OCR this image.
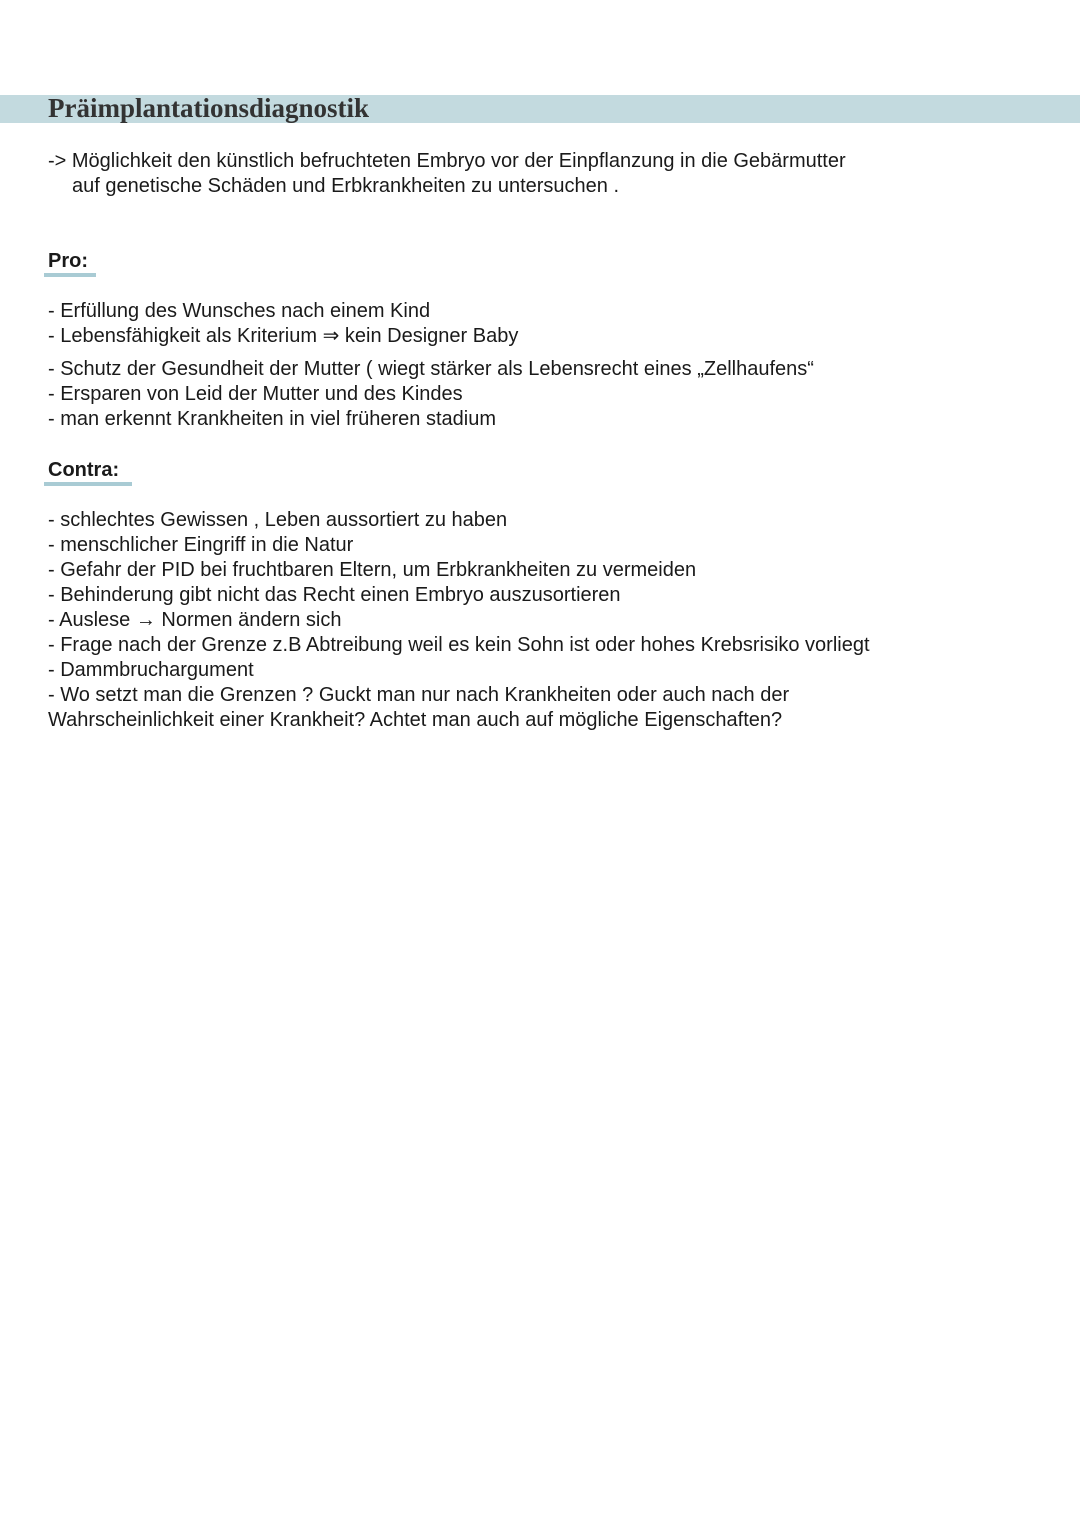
Präimplantationsdiagnostik

-> Möglichkeit den künstlich befruchteten Embryo vor der Einpflanzung in die Gebärmutter
auf genetische Schäden und Erbkrankheiten zu untersuchen .

Pro:
- Erfüllung des Wunsches nach einem Kind
- Lebensfähigkeit als Kriterium ⇒ kein Designer Baby
- Schutz der Gesundheit der Mutter ( wiegt stärker als Lebensrecht eines „Zellhaufens“
- Ersparen von Leid der Mutter und des Kindes
- man erkennt Krankheiten in viel früheren stadium
Contra:
- schlechtes Gewissen , Leben aussortiert zu haben
- menschlicher Eingriff in die Natur
- Gefahr der PID bei fruchtbaren Eltern, um Erbkrankheiten zu vermeiden
- Behinderung gibt nicht das Recht einen Embryo auszusortieren
- Auslese → Normen ändern sich
- Frage nach der Grenze z.B Abtreibung weil es kein Sohn ist oder hohes Krebsrisiko vorliegt
- Dammbruchargument
- Wo setzt man die Grenzen ? Guckt man nur nach Krankheiten oder auch nach der Wahrscheinlichkeit einer Krankheit? Achtet man auch auf mögliche Eigenschaften?
